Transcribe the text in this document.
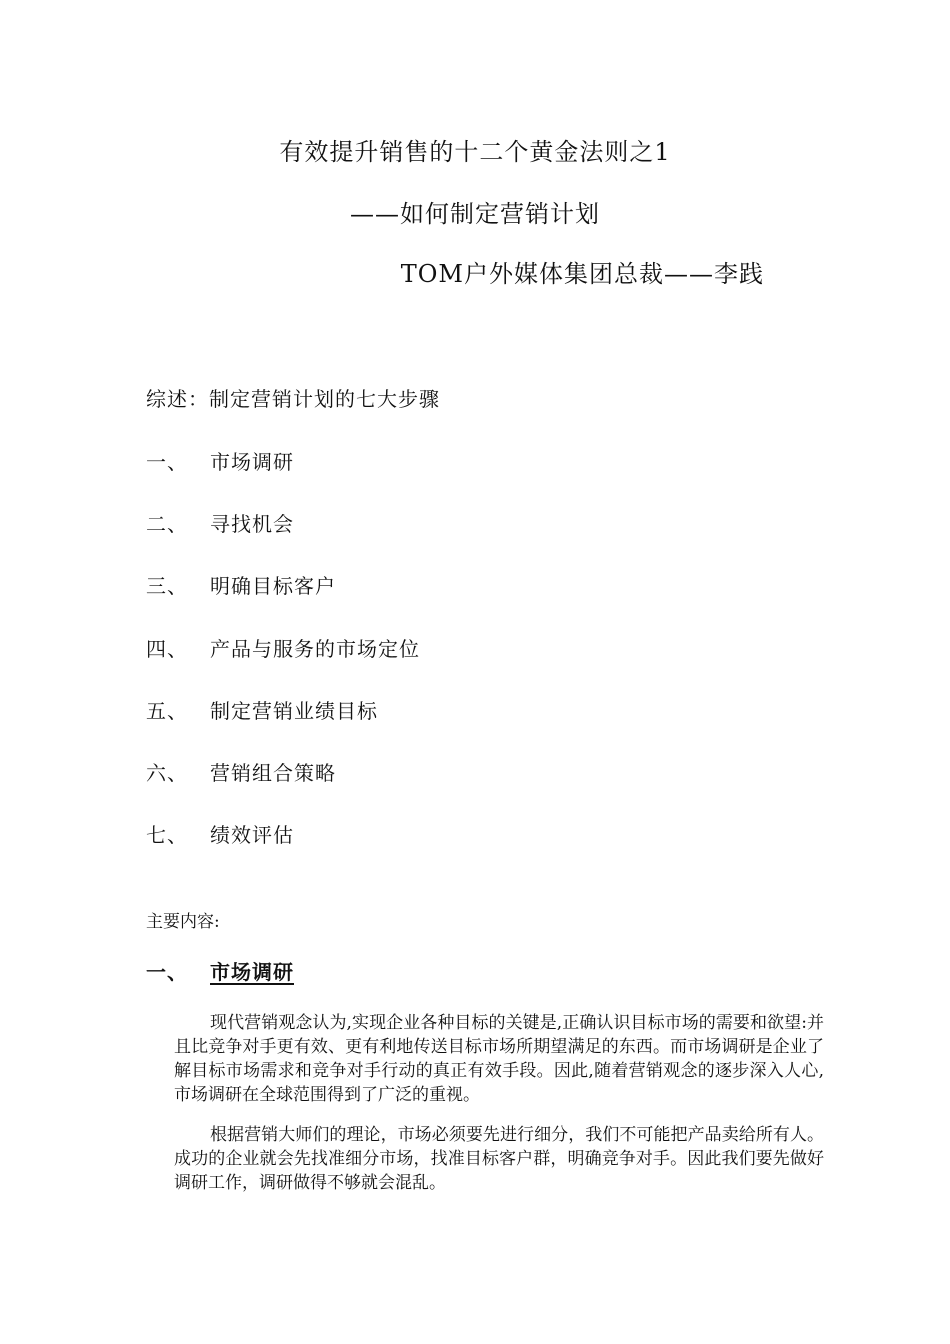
有效提升销售的十二个黄金法则之1
——如何制定营销计划
TOM户外媒体集团总裁——李践
综述：制定营销计划的七大步骤
一、 市场调研
二、 寻找机会
三、 明确目标客户
四、 产品与服务的市场定位
五、 制定营销业绩目标
六、 营销组合策略
七、 绩效评估
主要内容:
一、 市场调研
现代营销观念认为,实现企业各种目标的关键是,正确认识目标市场的需要和欲望:并且比竞争对手更有效、更有利地传送目标市场所期望满足的东西。而市场调研是企业了解目标市场需求和竞争对手行动的真正有效手段。因此,随着营销观念的逐步深入人心,市场调研在全球范围得到了广泛的重视。
根据营销大师们的理论，市场必须要先进行细分，我们不可能把产品卖给所有人。成功的企业就会先找准细分市场，找准目标客户群，明确竞争对手。因此我们要先做好调研工作，调研做得不够就会混乱。
